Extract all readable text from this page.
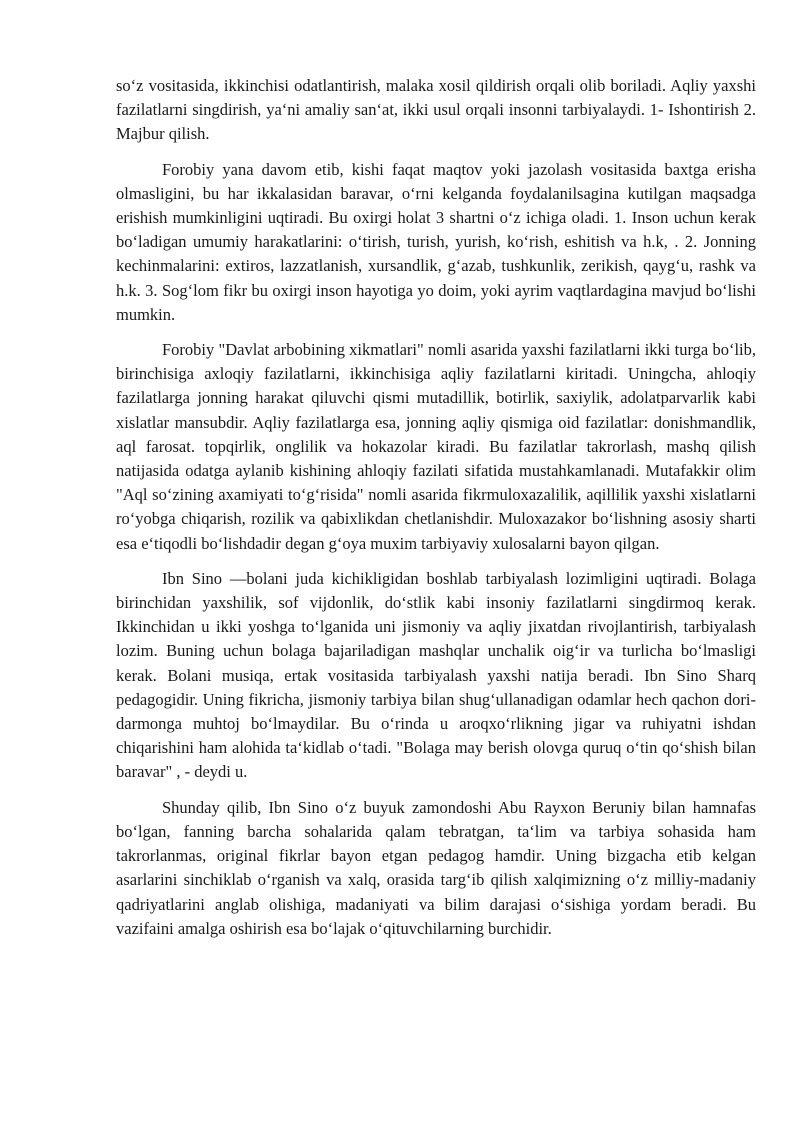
so‘z vositasida, ikkinchisi odatlantirish, malaka xosil qildirish orqali olib boriladi. Aqliy yaxshi fazilatlarni singdirish, ya‘ni amaliy san‘at, ikki usul orqali insonni tarbiyalaydi. 1- Ishontirish 2. Majbur qilish.

Forobiy yana davom etib, kishi faqat maqtov yoki jazolash vositasida baxtga erisha olmasligini, bu har ikkalasidan baravar, o‘rni kelganda foydalanilsagina kutilgan maqsadga erishish mumkinligini uqtiradi. Bu oxirgi holat 3 shartni o‘z ichiga oladi. 1. Inson uchun kerak bo‘ladigan umumiy harakatlarini: o‘tirish, turish, yurish, ko‘rish, eshitish va h.k, . 2. Jonning kechinmalarini: extiros, lazzatlanish, xursandlik, g‘azab, tushkunlik, zerikish, qayg‘u, rashk va h.k. 3. Sog‘lom fikr bu oxirgi inson hayotiga yo doim, yoki ayrim vaqtlardagina mavjud bo‘lishi mumkin.

Forobiy "Davlat arbobining xikmatlari" nomli asarida yaxshi fazilatlarni ikki turga bo‘lib, birinchisiga axloqiy fazilatlarni, ikkinchisiga aqliy fazilatlarni kiritadi. Uningcha, ahloqiy fazilatlarga jonning harakat qiluvchi qismi mutadillik, botirlik, saxiylik, adolatparvarlik kabi xislatlar mansubdir. Aqliy fazilatlarga esa, jonning aqliy qismiga oid fazilatlar: donishmandlik, aql farosat. topqirlik, onglilik va hokazolar kiradi. Bu fazilatlar takrorlash, mashq qilish natijasida odatga aylanib kishining ahloqiy fazilati sifatida mustahkamlanadi. Mutafakkir olim "Aql so‘zining axamiyati to‘g‘risida" nomli asarida fikrmuloxazalilik, aqillilik yaxshi xislatlarni ro‘yobga chiqarish, rozilik va qabixlikdan chetlanishdir. Muloxazakor bo‘lishning asosiy sharti esa e‘tiqodli bo‘lishdadir degan g‘oya muxim tarbiyaviy xulosalarni bayon qilgan.

Ibn Sino —bolani juda kichikligidan boshlab tarbiyalash lozimligini uqtiradi. Bolaga birinchidan yaxshilik, sof vijdonlik, do‘stlik kabi insoniy fazilatlarni singdirmoq kerak. Ikkinchidan u ikki yoshga to‘lganida uni jismoniy va aqliy jixatdan rivojlantirish, tarbiyalash lozim. Buning uchun bolaga bajariladigan mashqlar unchalik oig‘ir va turlicha bo‘lmasligi kerak. Bolani musiqa, ertak vositasida tarbiyalash yaxshi natija beradi. Ibn Sino Sharq pedagogidir. Uning fikricha, jismoniy tarbiya bilan shug‘ullanadigan odamlar hech qachon dori-darmonga muhtoj bo‘lmaydilar. Bu o‘rinda u aroqxo‘rlikning jigar va ruhiyatni ishdan chiqarishini ham alohida ta‘kidlab o‘tadi. "Bolaga may berish olovga quruq o‘tin qo‘shish bilan baravar" , - deydi u.

Shunday qilib, Ibn Sino o‘z buyuk zamondoshi Abu Rayxon Beruniy bilan hamnafas bo‘lgan, fanning barcha sohalarida qalam tebratgan, ta‘lim va tarbiya sohasida ham takrorlanmas, original fikrlar bayon etgan pedagog hamdir. Uning bizgacha etib kelgan asarlarini sinchiklab o‘rganish va xalq, orasida targ‘ib qilish xalqimizning o‘z milliy-madaniy qadriyatlarini anglab olishiga, madaniyati va bilim darajasi o‘sishiga yordam beradi. Bu vazifaini amalga oshirish esa bo‘lajak o‘qituvchilarning burchidir.
